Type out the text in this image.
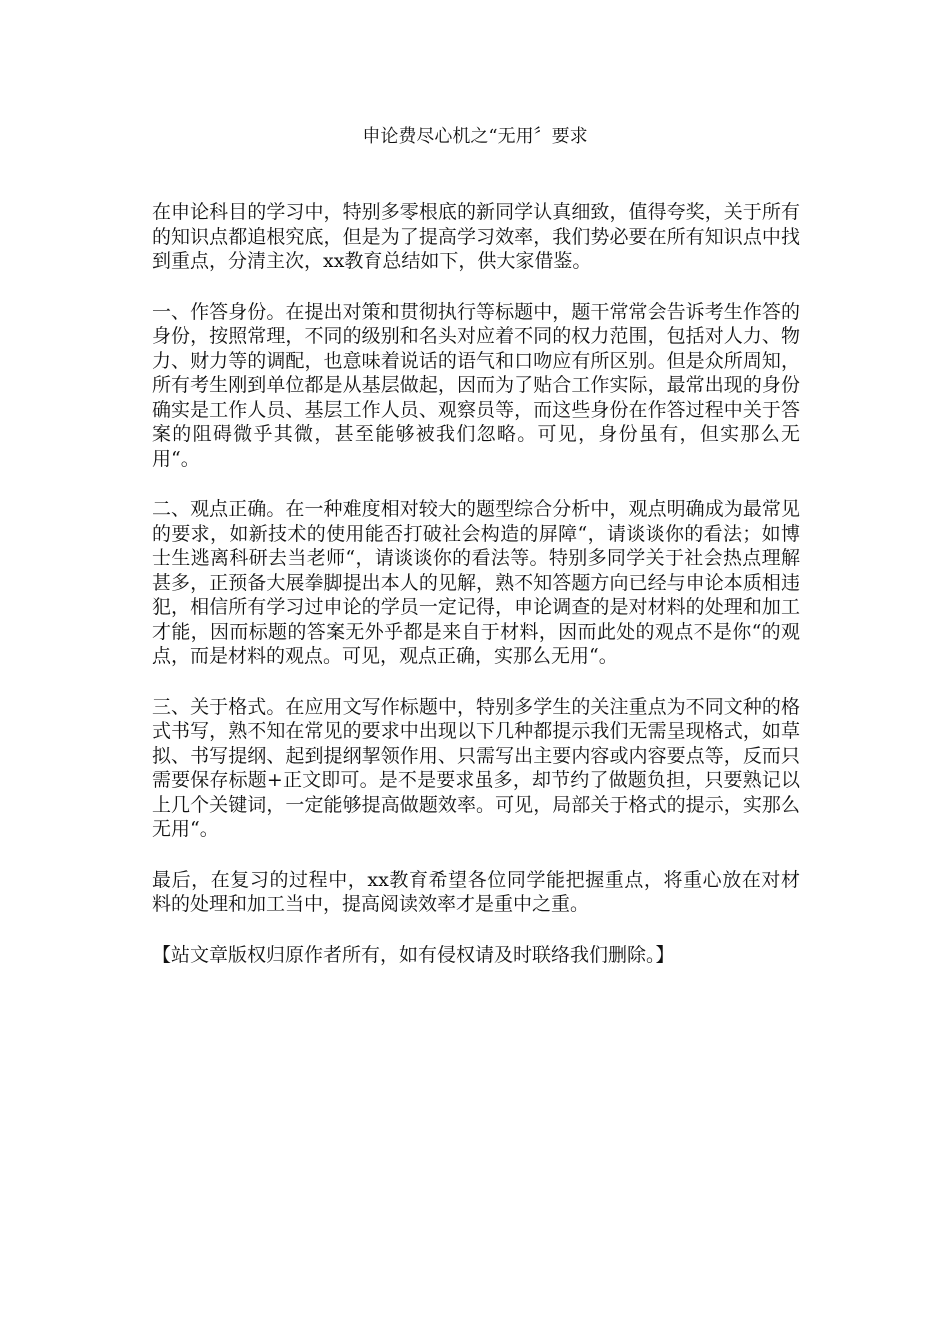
申论费尽心机之“无用〞要求

在申论科目的学习中，特别多零根底的新同学认真细致，值得夸奖，关于所有的知识点都追根究底，但是为了提高学习效率，我们势必要在所有知识点中找到重点，分清主次，xx教育总结如下，供大家借鉴。

一、作答身份。在提出对策和贯彻执行等标题中，题干常常会告诉考生作答的身份，按照常理，不同的级别和名头对应着不同的权力范围，包括对人力、物力、财力等的调配，也意味着说话的语气和口吻应有所区别。但是众所周知，所有考生刚到单位都是从基层做起，因而为了贴合工作实际，最常出现的身份确实是工作人员、基层工作人员、观察员等，而这些身份在作答过程中关于答案的阻碍微乎其微，甚至能够被我们忽略。可见，身份虽有，但实那么无用“。

二、观点正确。在一种难度相对较大的题型综合分析中，观点明确成为最常见的要求，如新技术的使用能否打破社会构造的屏障“，请谈谈你的看法；如博士生逃离科研去当老师“，请谈谈你的看法等。特别多同学关于社会热点理解甚多，正预备大展拳脚提出本人的见解，熟不知答题方向已经与申论本质相违犯，相信所有学习过申论的学员一定记得，申论调查的是对材料的处理和加工才能，因而标题的答案无外乎都是来自于材料，因而此处的观点不是你“的观点，而是材料的观点。可见，观点正确，实那么无用“。

三、关于格式。在应用文写作标题中，特别多学生的关注重点为不同文种的格式书写，熟不知在常见的要求中出现以下几种都提示我们无需呈现格式，如草拟、书写提纲、起到提纲挈领作用、只需写出主要内容或内容要点等，反而只需要保存标题+正文即可。是不是要求虽多，却节约了做题负担，只要熟记以上几个关键词，一定能够提高做题效率。可见，局部关于格式的提示，实那么无用“。

最后，在复习的过程中，xx教育希望各位同学能把握重点，将重心放在对材料的处理和加工当中，提高阅读效率才是重中之重。

【站文章版权归原作者所有，如有侵权请及时联络我们删除。】
